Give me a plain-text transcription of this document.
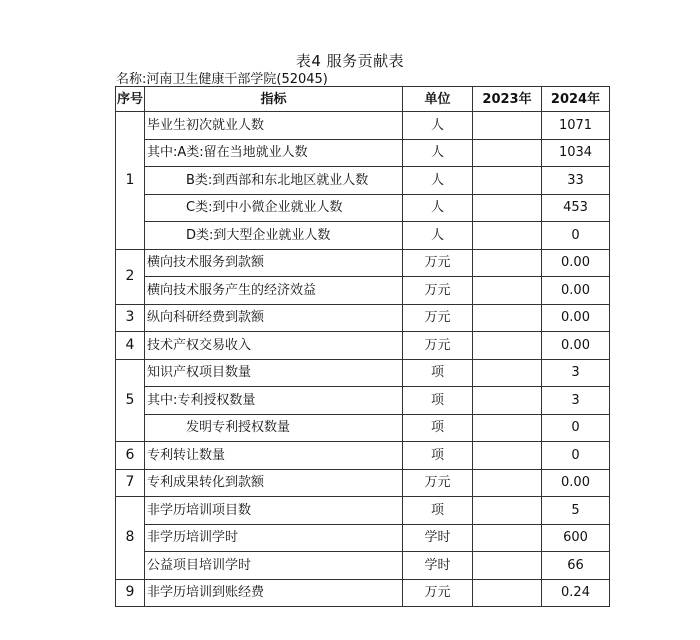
表4 服务贡献表
名称:河南卫生健康干部学院(52045)
序号	指标	单位	2023年	2024年
1	毕业生初次就业人数	人		1071
	其中:A类:留在当地就业人数	人		1034
	B类:到西部和东北地区就业人数	人		33
	C类:到中小微企业就业人数	人		453
	D类:到大型企业就业人数	人		0
2	横向技术服务到款额	万元		0.00
	横向技术服务产生的经济效益	万元		0.00
3	纵向科研经费到款额	万元		0.00
4	技术产权交易收入	万元		0.00
5	知识产权项目数量	项		3
	其中:专利授权数量	项		3
	发明专利授权数量	项		0
6	专利转让数量	项		0
7	专利成果转化到款额	万元		0.00
8	非学历培训项目数	项		5
	非学历培训学时	学时		600
	公益项目培训学时	学时		66
9	非学历培训到账经费	万元		0.24
